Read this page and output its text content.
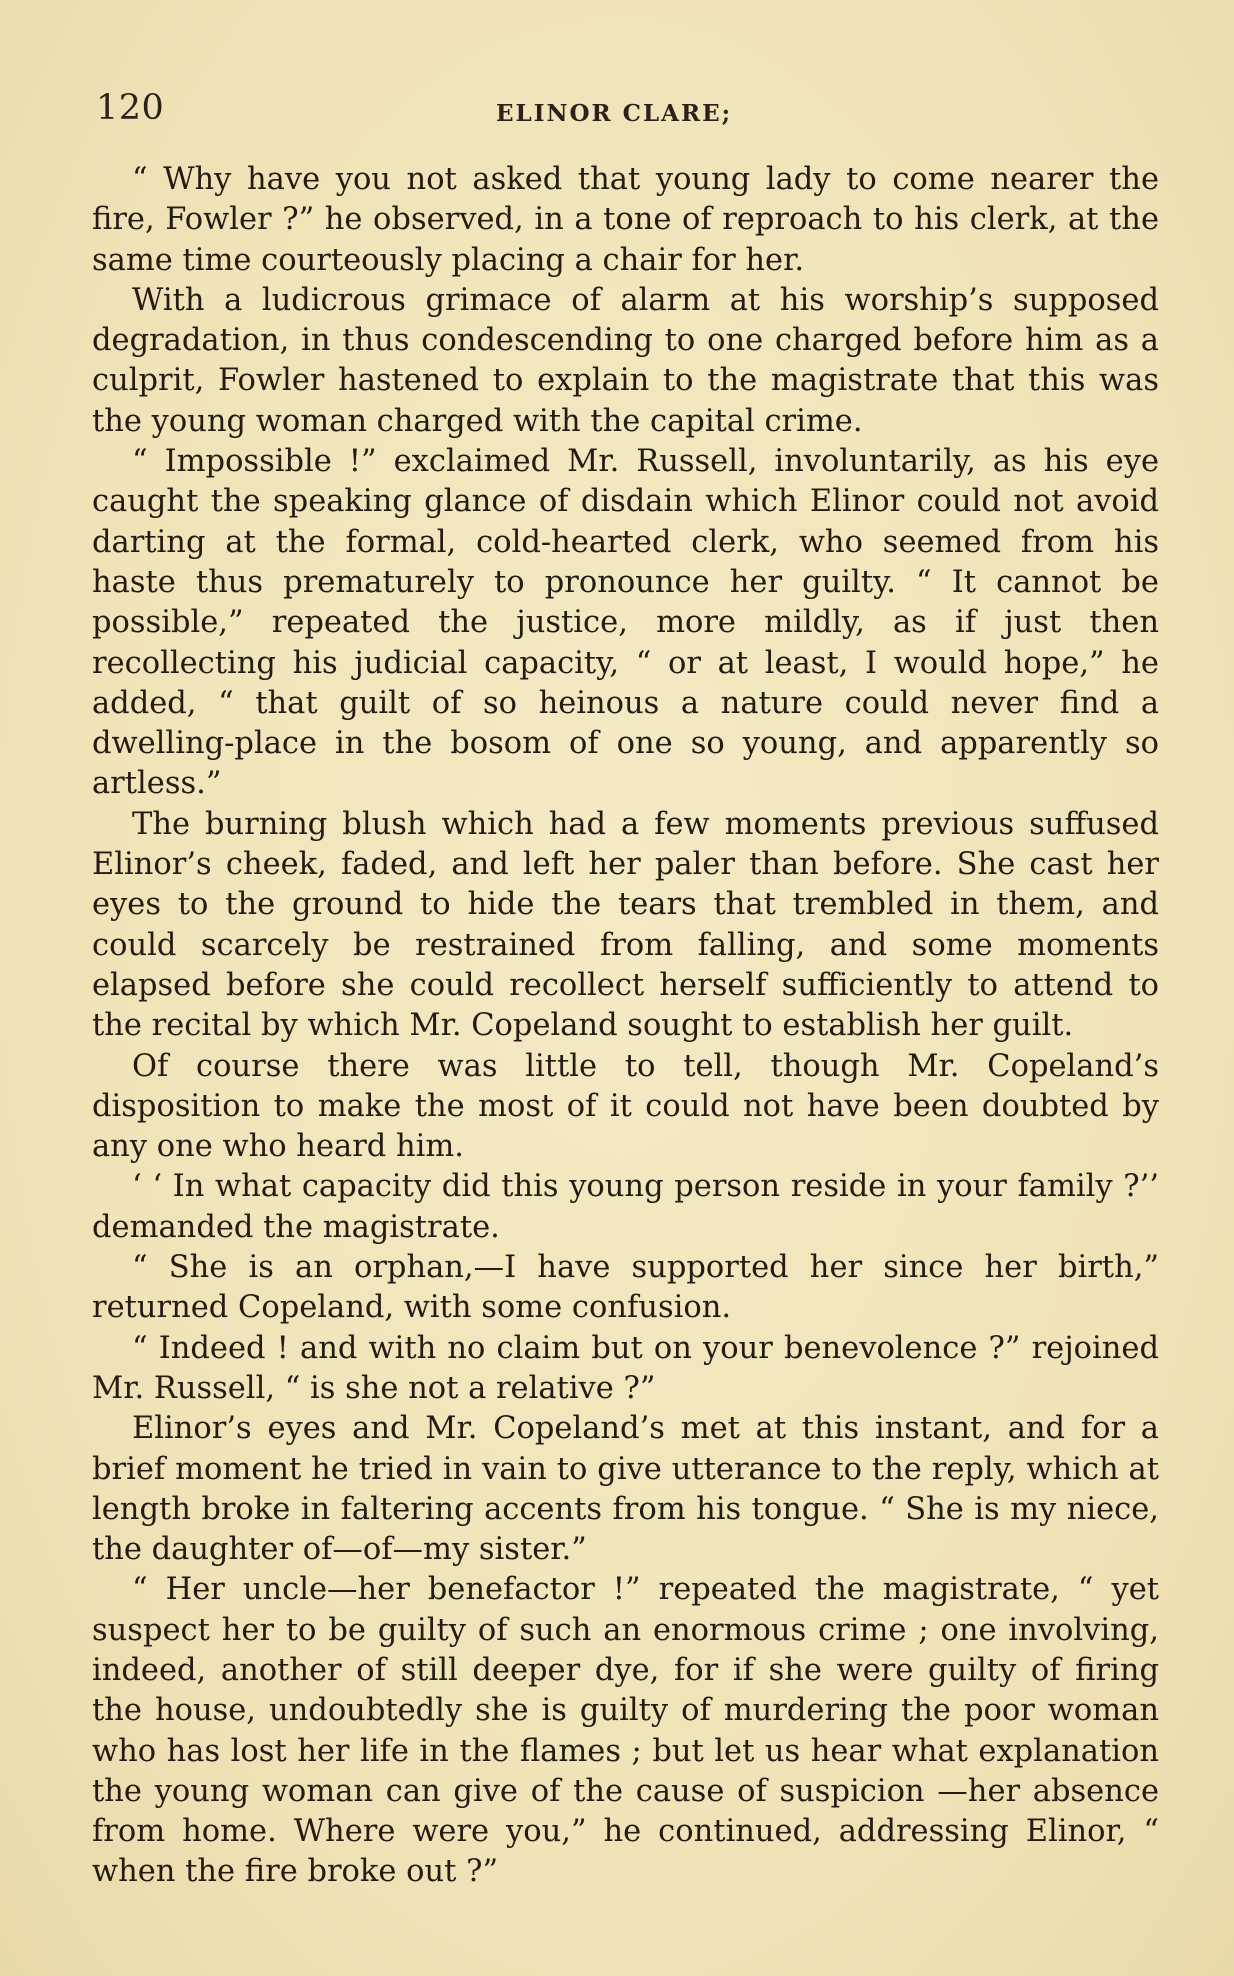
120	ELINOR CLARE;

“ Why have you not asked that young lady to come nearer the fire, Fowler ?” he observed, in a tone of reproach to his clerk, at the same time courteously placing a chair for her.

With a ludicrous grimace of alarm at his worship’s supposed degradation, in thus condescending to one charged before him as a culprit, Fowler hastened to explain to the magistrate that this was the young woman charged with the capital crime.

“ Impossible !” exclaimed Mr. Russell, involuntarily, as his eye caught the speaking glance of disdain which Elinor could not avoid darting at the formal, cold-hearted clerk, who seemed from his haste thus prematurely to pronounce her guilty. “ It cannot be possible,” repeated the justice, more mildly, as if just then recollecting his judicial capacity, “ or at least, I would hope,” he added, “ that guilt of so heinous a nature could never find a dwelling-place in the bosom of one so young, and apparently so artless.”

The burning blush which had a few moments previous suffused Elinor’s cheek, faded, and left her paler than before. She cast her eyes to the ground to hide the tears that trembled in them, and could scarcely be restrained from falling, and some moments elapsed before she could recollect herself sufficiently to attend to the recital by which Mr. Copeland sought to establish her guilt.

Of course there was little to tell, though Mr. Copeland’s disposition to make the most of it could not have been doubted by any one who heard him.

‘ ‘ In what capacity did this young person reside in your family ?’’ demanded the magistrate.

“ She is an orphan,—I have supported her since her birth,” returned Copeland, with some confusion.

“ Indeed ! and with no claim but on your benevolence ?” rejoined Mr. Russell, “ is she not a relative ?”

Elinor’s eyes and Mr. Copeland’s met at this instant, and for a brief moment he tried in vain to give utterance to the reply, which at length broke in faltering accents from his tongue. “ She is my niece, the daughter of—of—my sister.”

“ Her uncle—her benefactor !” repeated the magistrate, “ yet suspect her to be guilty of such an enormous crime ; one involving, indeed, another of still deeper dye, for if she were guilty of firing the house, undoubtedly she is guilty of murdering the poor woman who has lost her life in the flames ; but let us hear what explanation the young woman can give of the cause of suspicion —her absence from home. Where were you,” he continued, addressing Elinor, “ when the fire broke out ?”
